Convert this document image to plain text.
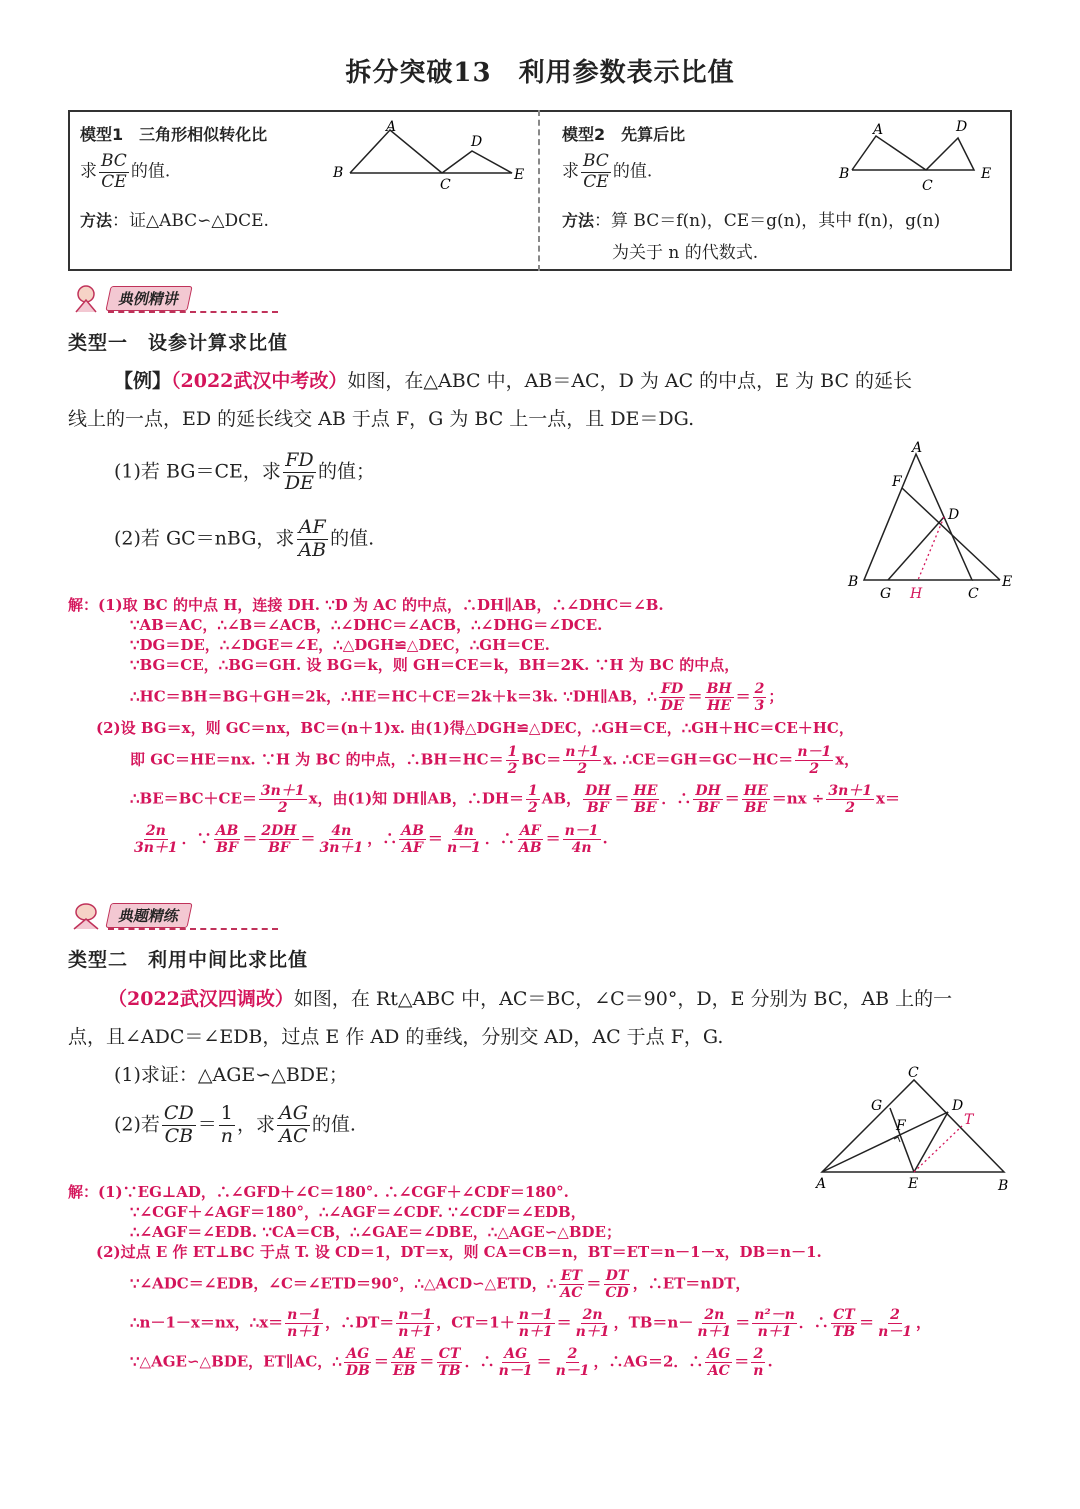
拆分突破13　利用参数表示比值
模型1　三角形相似转化比
求 $\frac{BC}{CE}$ 的值.
方法：证△ABC∽△DCE.
A
B
C
D
E
模型2　先算后比
求 $\frac{BC}{CE}$ 的值.
方法：算 BC＝f(n)，CE＝g(n)，其中 f(n)，g(n)
为关于 n 的代数式.
A
B
C
D
E
典例精讲
类型一　设参计算求比值
【例】（2022武汉中考改）如图，在△ABC 中，AB＝AC，D 为 AC 的中点，E 为 BC 的延长
线上的一点，ED 的延长线交 AB 于点 F，G 为 BC 上一点，且 DE＝DG.
(1)若 BG＝CE，求 $\frac{FD}{DE}$ 的值；
(2)若 GC＝nBG，求 $\frac{AF}{AB}$ 的值.
A
B
C
D
E
F
G H
解：(1)取 BC 的中点 H，连接 DH. ∵D 为 AC 的中点，∴DH∥AB，∴∠DHC＝∠B.
∵AB＝AC，∴∠B＝∠ACB，∴∠DHC＝∠ACB，∴∠DHG＝∠DCE.
∵DG＝DE，∴∠DGE＝∠E，∴△DGH≌△DEC，∴GH＝CE.
∵BG＝CE，∴BG＝GH. 设 BG＝k，则 GH＝CE＝k，BH＝2K. ∵H 为 BC 的中点，
∴HC＝BH＝BG＋GH＝2k，∴HE＝HC＋CE＝2k＋k＝3k. ∵DH∥AB，∴ $\frac{FD}{DE} = \frac{BH}{HE} = \frac{2}{3}$ ；
(2)设 BG＝x，则 GC＝nx，BC＝(n＋1)x. 由(1)得△DGH≌△DEC，∴GH＝CE，∴GH＋HC＝CE＋HC，
即 GC＝HE＝nx. ∵H 为 BC 的中点，∴BH＝HC＝ $\frac{1}{2} BC= \frac{n+1}{2} x$. ∴CE＝GH＝GC－HC＝ $\frac{n-1}{2}$ x，
∴BE＝BC＋CE＝ $\frac{3n+1}{2}$ x，由(1)知 DH∥AB，∴DH＝ $\frac{1}{2}$ AB， $\frac{DH}{BF} = \frac{HE}{BE}$ ．∴ $\frac{DH}{BF} = \frac{HE}{BE} =nx \div \frac{3n+1}{2} x=$
$\frac{2n}{3n+1}$ ．∵ $\frac{AB}{BF} = \frac{2DH}{BF} = \frac{4n}{3n+1}$ ，∴ $\frac{AB}{AF} = \frac{4n}{n-1}$ ．∴ $\frac{AF}{AB} = \frac{n-1}{4n}$ .
典题精练
类型二　利用中间比求比值
（2022武汉四调改）如图，在 Rt△ABC 中，AC＝BC，∠C＝90°，D，E 分别为 BC，AB 上的一
点，且∠ADC＝∠EDB，过点 E 作 AD 的垂线，分别交 AD，AC 于点 F，G.
(1)求证：△AGE∽△BDE；
(2)若 $\frac{CD}{CB} = \frac{1}{n}$ ，求 $\frac{AG}{AC}$ 的值.
C
A	B
D
E
F
G
T
解：(1)∵EG⊥AD，∴∠GFD＋∠C＝180°. ∴∠CGF＋∠CDF＝180°.
∵∠CGF＋∠AGF＝180°，∴∠AGF＝∠CDF. ∵∠CDF＝∠EDB，
∴∠AGF＝∠EDB. ∵CA＝CB，∴∠GAE＝∠DBE，∴△AGE∽△BDE；
(2)过点 E 作 ET⊥BC 于点 T. 设 CD＝1，DT＝x，则 CA＝CB＝n，BT＝ET＝n－1－x，DB＝n－1.
∵∠ADC＝∠EDB，∠C＝∠ETD＝90°，∴△ACD∽△ETD，∴ $\frac{ET}{AC} = \frac{DT}{CD}$ ，∴ET＝nDT，
∴n－1－x＝nx，∴x＝ $\frac{n-1}{n+1}$ ，∴DT＝ $\frac{n-1}{n+1}$ ，$CT=1+ \frac{n-1}{n+1} = \frac{2n}{n+1}$ ，$TB=n- \frac{2n}{n+1} = \frac{\text{n²－n}}{n+1}$ ．∴ $\frac{CT}{TB} = \frac{2}{n-1}$ ，
∵△AGE∽△BDE，ET∥AC，∴ $\frac{AG}{DB} = \frac{AE}{EB} = \frac{CT}{TB}$ ．∴ $\frac{AG}{n-1} = \frac{2}{n-1}$ ，∴AG＝2．∴ $\frac{AG}{AC} = \frac{2}{n}$ .
